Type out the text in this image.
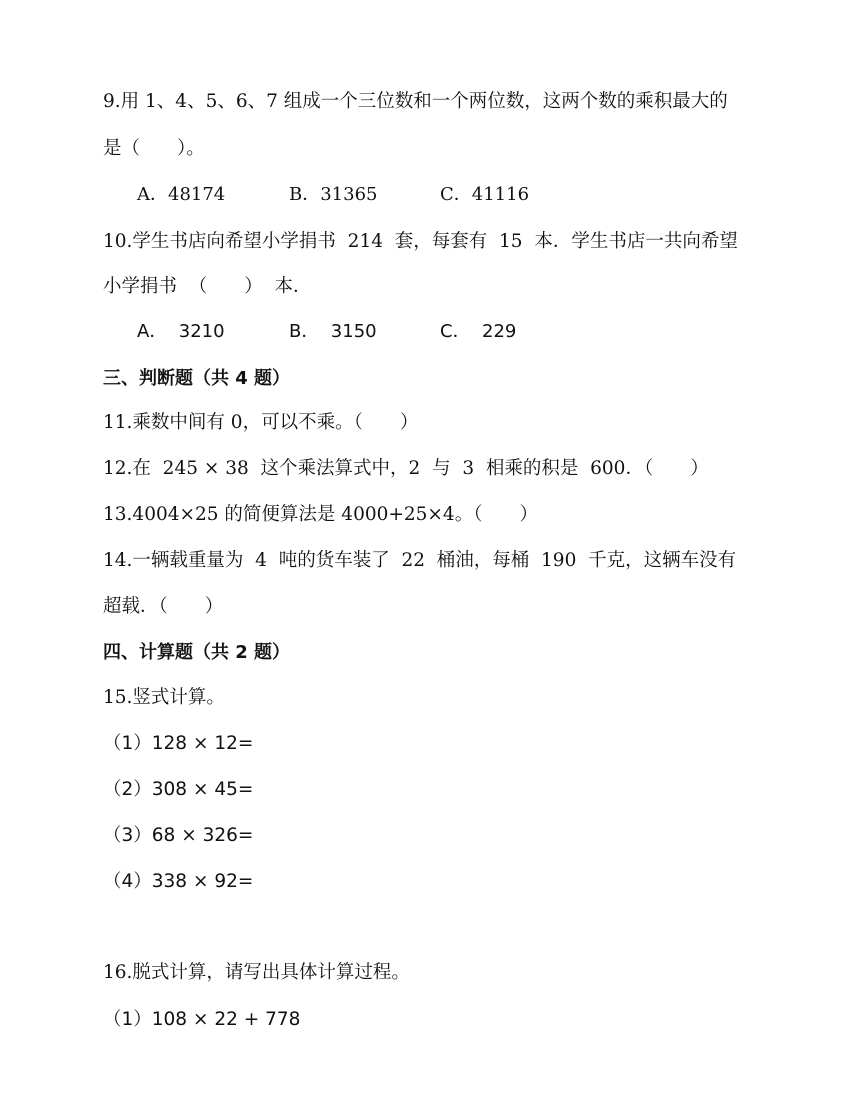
9.用 1、4、5、6、7 组成一个三位数和一个两位数，这两个数的乘积最大的
是（　　）。

A．48174

	B．31365

	C．41116

10.学生书店向希望小学捐书  214  套，每套有  15  本．学生书店一共向希望
小学捐书  （　　）  本．

A．  3210

	B．  3150

	C．  229

三、判断题（共 4 题）
11.乘数中间有 0，可以不乘。（　　）
12.在  245 × 38  这个乘法算式中，2  与  3  相乘的积是  600．（　　）
13.4004×25 的简便算法是 4000+25×4。（　　）
14.一辆载重量为  4  吨的货车装了  22  桶油，每桶  190  千克，这辆车没有
超载．（　　）
四、计算题（共 2 题）
15.竖式计算。
（1）128 × 12=
（2）308 × 45=
（3）68 × 326=
（4）338 × 92=
16.脱式计算，请写出具体计算过程。
（1）108 × 22 + 778
